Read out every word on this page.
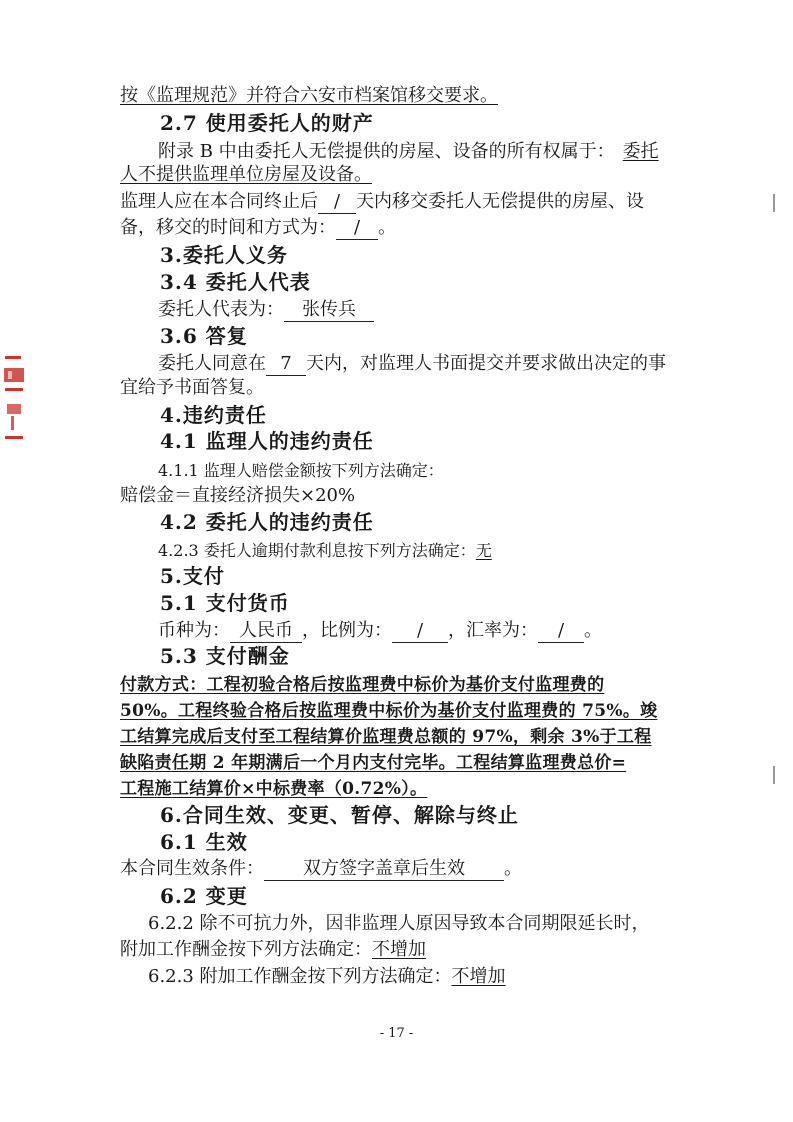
按《监理规范》并符合六安市档案馆移交要求。
2.7 使用委托人的财产
附录 B 中由委托人无偿提供的房屋、设备的所有权属于： 委托
人不提供监理单位房屋及设备。
监理人应在本合同终止后 / 天内移交委托人无偿提供的房屋、设
备，移交的时间和方式为： / 。
3.委托人义务
3.4 委托人代表
委托人代表为： 张传兵
3.6 答复
委托人同意在 7 天内，对监理人书面提交并要求做出决定的事
宜给予书面答复。
4.违约责任
4.1 监理人的违约责任
4.1.1 监理人赔偿金额按下列方法确定：
赔偿金＝直接经济损失×20%
4.2 委托人的违约责任
4.2.3 委托人逾期付款利息按下列方法确定：无
5.支付
5.1 支付货币
币种为： 人民币 ，比例为： / ，汇率为： / 。
5.3 支付酬金
付款方式：工程初验合格后按监理费中标价为基价支付监理费的
50%。工程终验合格后按监理费中标价为基价支付监理费的 75%。竣
工结算完成后支付至工程结算价监理费总额的 97%，剩余 3%于工程
缺陷责任期 2 年期满后一个月内支付完毕。工程结算监理费总价=
工程施工结算价×中标费率（0.72%）。
6.合同生效、变更、暂停、解除与终止
6.1 生效
本合同生效条件： 双方签字盖章后生效 。
6.2 变更
6.2.2 除不可抗力外，因非监理人原因导致本合同期限延长时，
附加工作酬金按下列方法确定：不增加
6.2.3 附加工作酬金按下列方法确定：不增加
- 17 -
